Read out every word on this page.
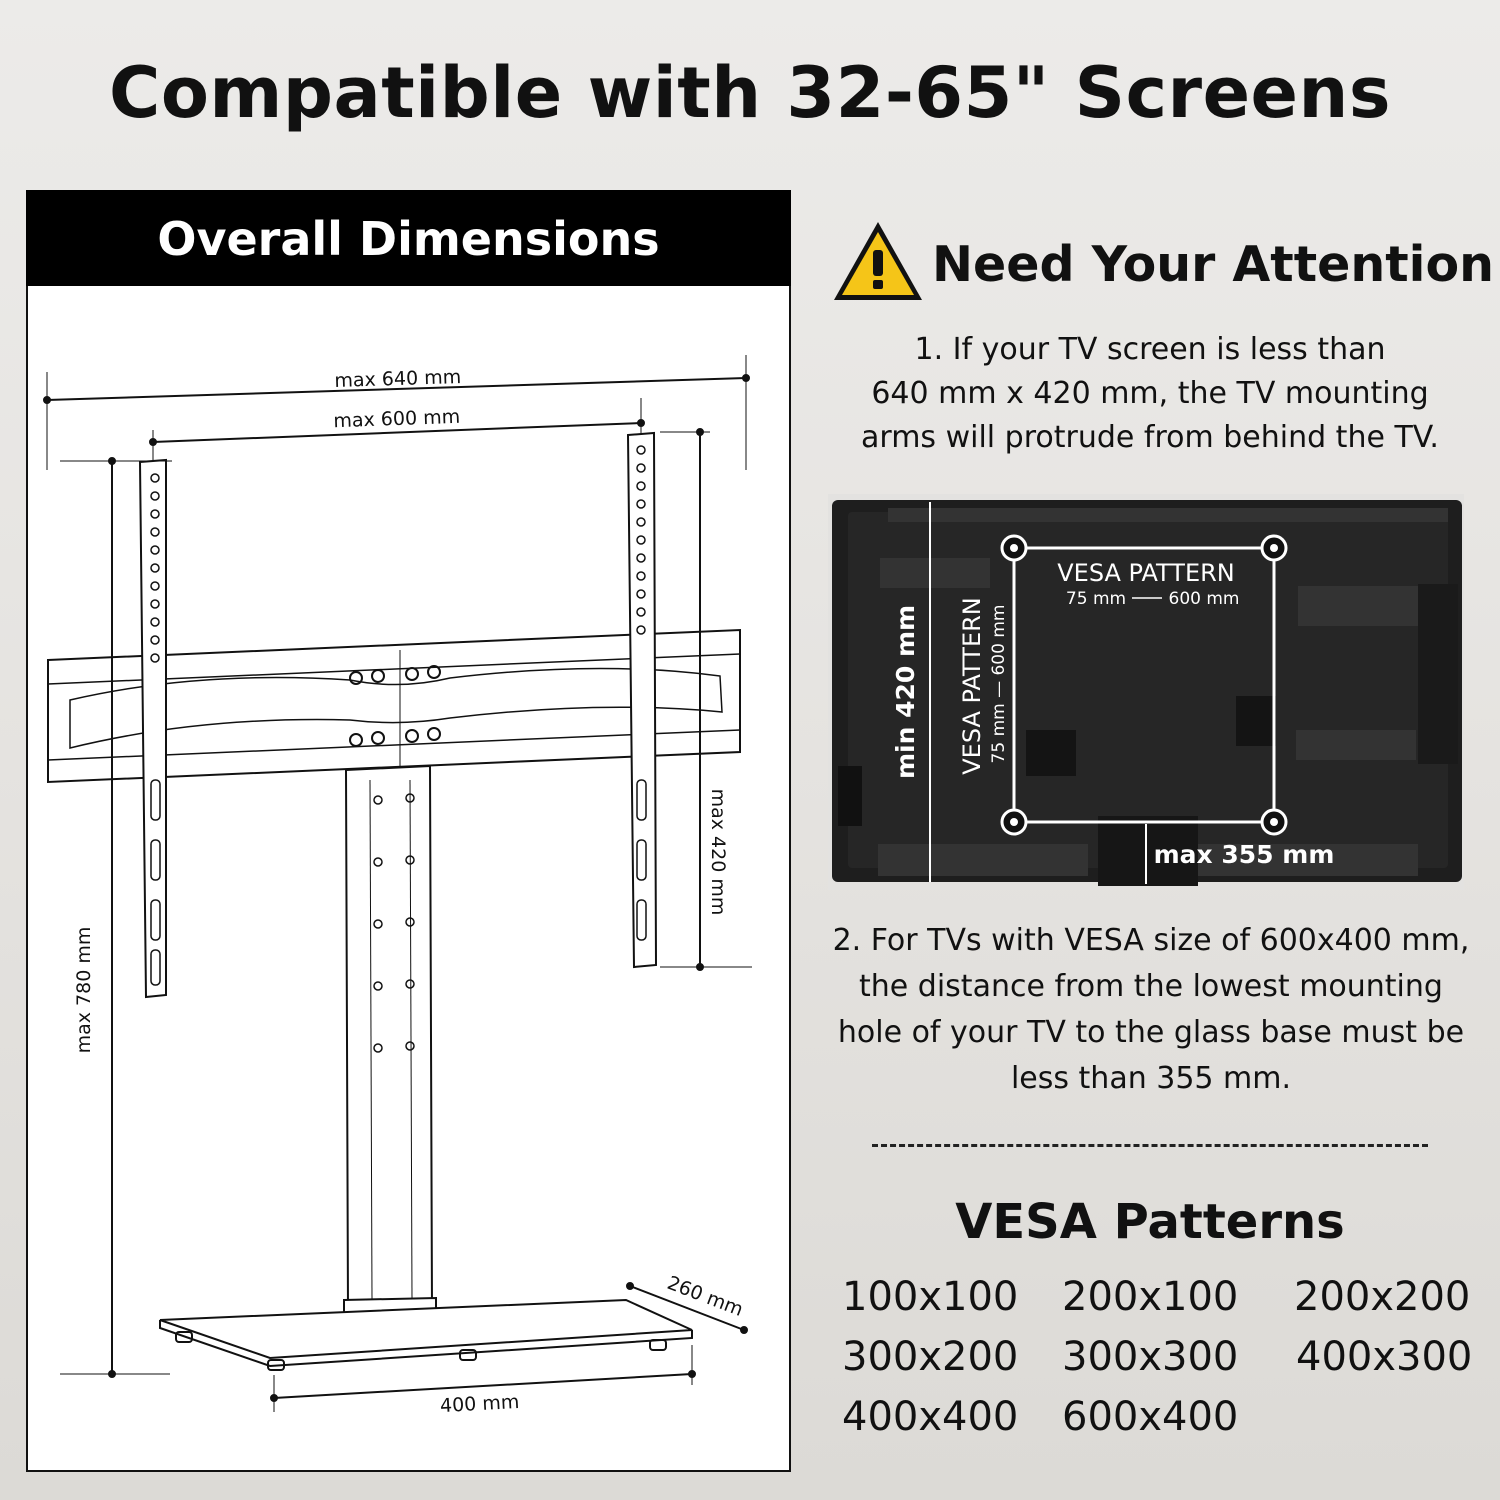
Compatible with 32-65" Screens
Overall Dimensions
max 640 mm
max 600 mm
max 420 mm
max 780 mm
260 mm
400 mm
Need Your Attention
1. If your TV screen is less than
640 mm x 420 mm, the TV mounting
arms will protrude from behind the TV.
VESA PATTERN
75 mm 600 mm
VESA PATTERN 75 mm — 600 mm
min 420 mm
max 355 mm
2. For TVs with VESA size of 600x400 mm,
the distance from the lowest mounting
hole of your TV to the glass base must be
less than 355 mm.
VESA Patterns
100x100 200x100 200x200
300x200 300x300 400x300
400x400 600x400
